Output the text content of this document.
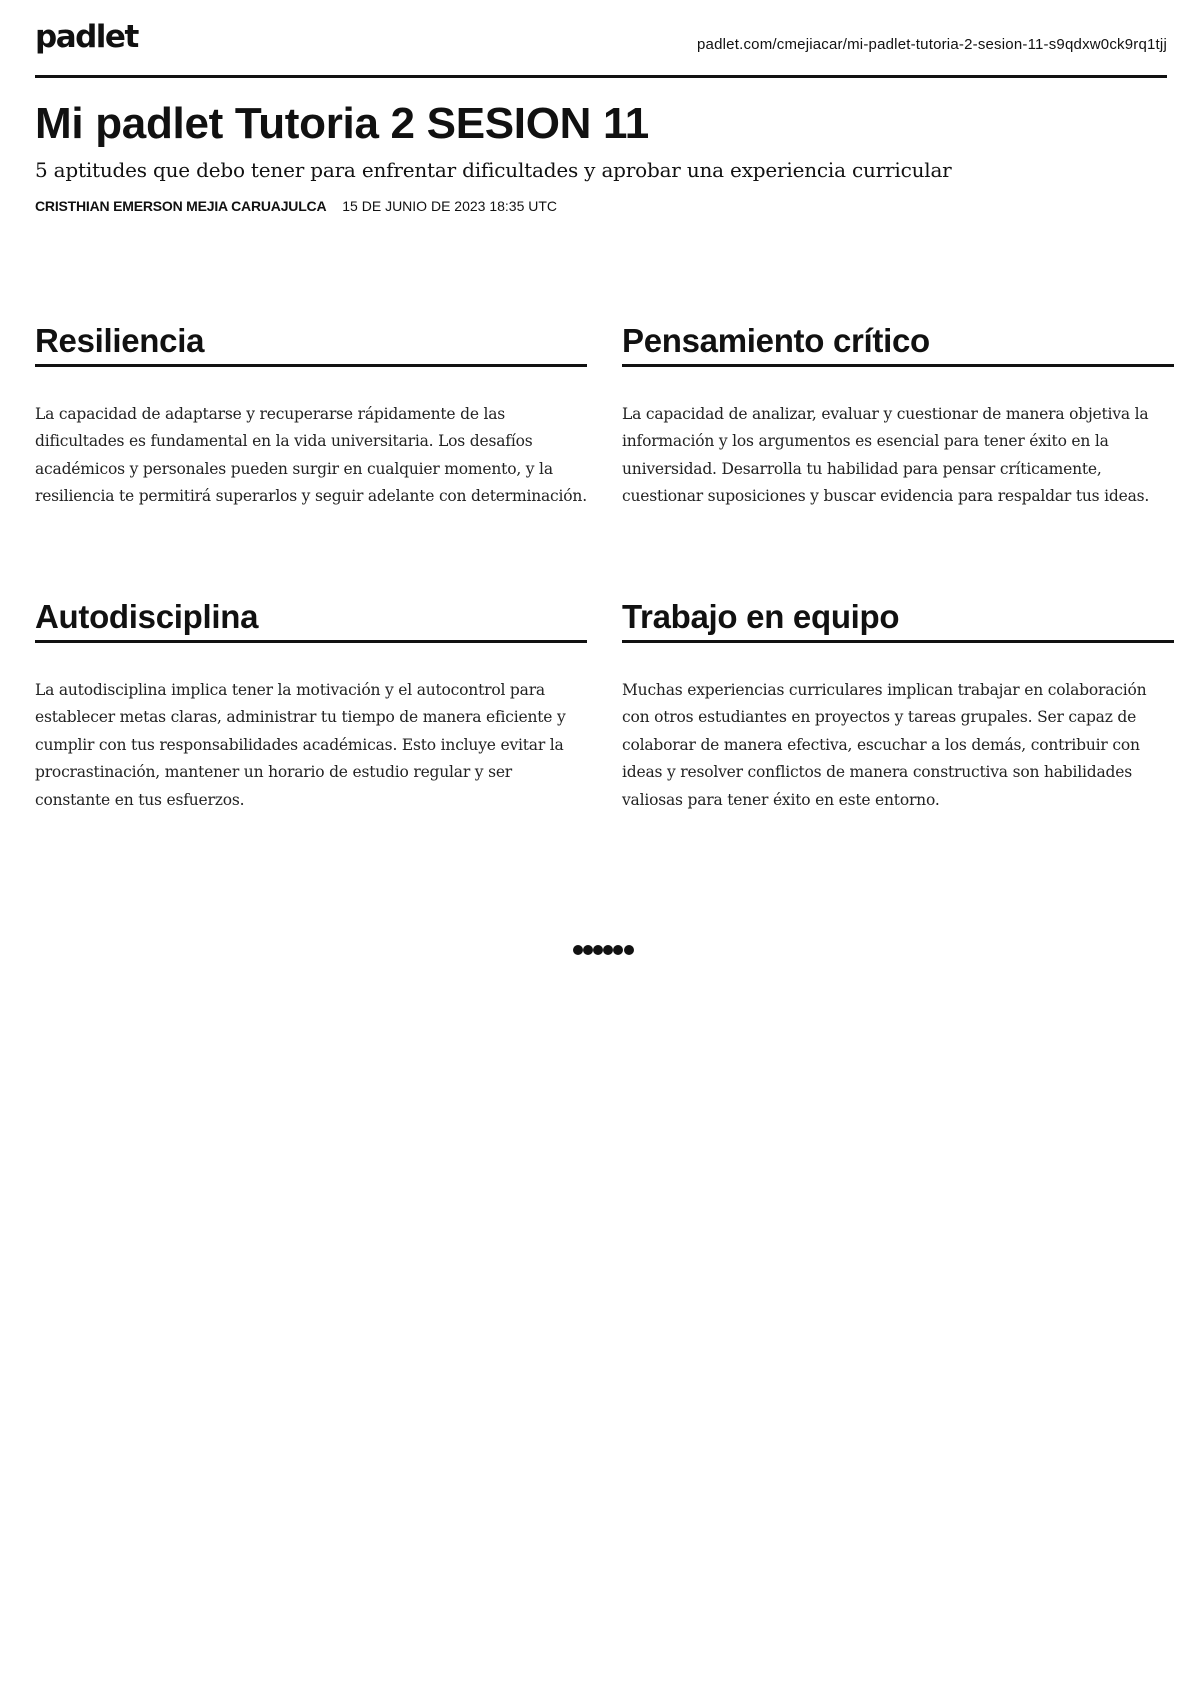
padlet	padlet.com/cmejiacar/mi-padlet-tutoria-2-sesion-11-s9qdxw0ck9rq1tjj
Mi padlet Tutoria 2 SESION 11
5 aptitudes que debo tener para enfrentar dificultades y aprobar una experiencia curricular
CRISTHIAN EMERSON MEJIA CARUAJULCA 15 DE JUNIO DE 2023 18:35 UTC
Resiliencia

La capacidad de adaptarse y recuperarse rápidamente de las dificultades es fundamental en la vida universitaria. Los desafíos académicos y personales pueden surgir en cualquier momento, y la resiliencia te permitirá superarlos y seguir adelante con determinación.

Pensamiento crítico

La capacidad de analizar, evaluar y cuestionar de manera objetiva la información y los argumentos es esencial para tener éxito en la universidad. Desarrolla tu habilidad para pensar críticamente, cuestionar suposiciones y buscar evidencia para respaldar tus ideas.

Autodisciplina

La autodisciplina implica tener la motivación y el autocontrol para establecer metas claras, administrar tu tiempo de manera eficiente y cumplir con tus responsabilidades académicas. Esto incluye evitar la procrastinación, mantener un horario de estudio regular y ser constante en tus esfuerzos.

Trabajo en equipo

Muchas experiencias curriculares implican trabajar en colaboración con otros estudiantes en proyectos y tareas grupales. Ser capaz de colaborar de manera efectiva, escuchar a los demás, contribuir con ideas y resolver conflictos de manera constructiva son habilidades valiosas para tener éxito en este entorno.
